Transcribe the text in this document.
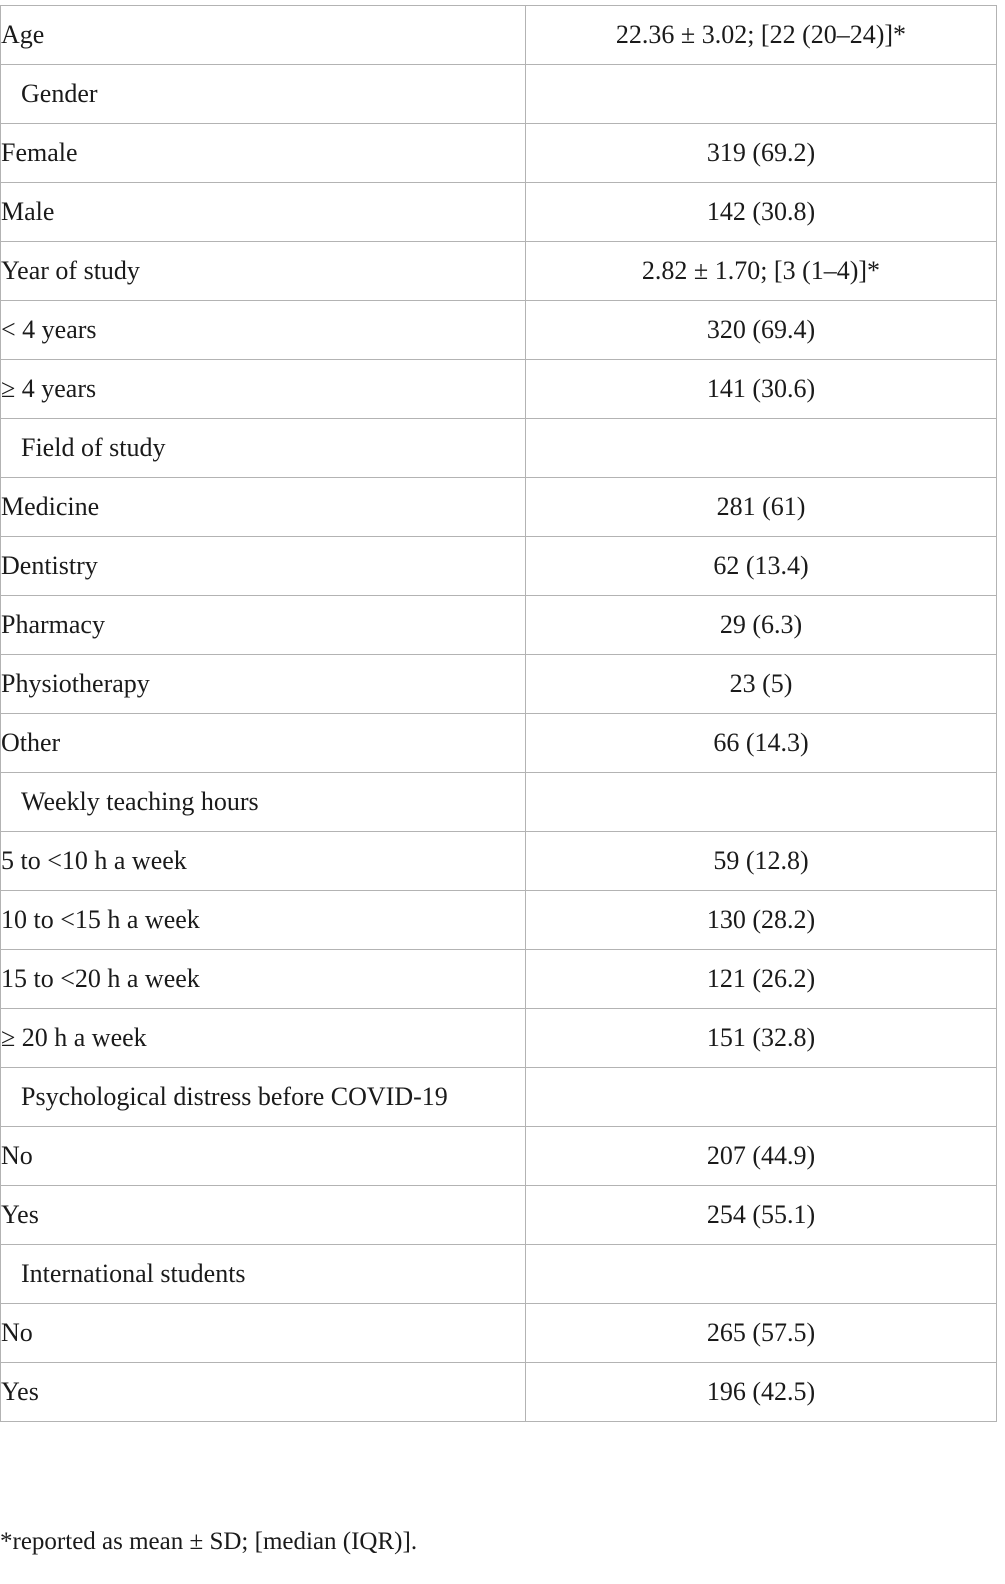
Age	22.36 ± 3.02; [22 (20–24)]*
Gender	
Female	319 (69.2)
Male	142 (30.8)
Year of study	2.82 ± 1.70; [3 (1–4)]*
< 4 years	320 (69.4)
≥ 4 years	141 (30.6)
Field of study	
Medicine	281 (61)
Dentistry	62 (13.4)
Pharmacy	29 (6.3)
Physiotherapy	23 (5)
Other	66 (14.3)
Weekly teaching hours	
5 to <10 h a week	59 (12.8)
10 to <15 h a week	130 (28.2)
15 to <20 h a week	121 (26.2)
≥ 20 h a week	151 (32.8)
Psychological distress before COVID-19	
No	207 (44.9)
Yes	254 (55.1)
International students	
No	265 (57.5)
Yes	196 (42.5)
*reported as mean ± SD; [median (IQR)].
